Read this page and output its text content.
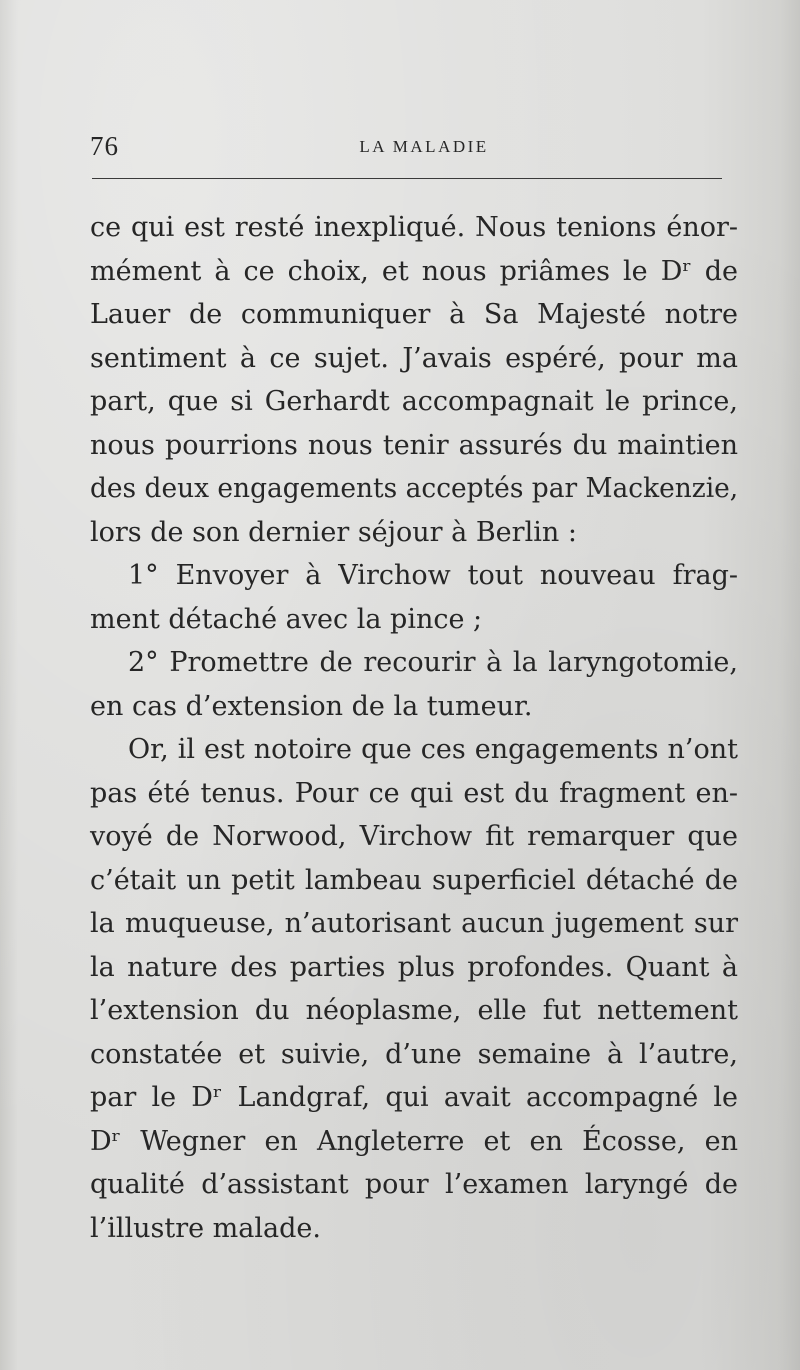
76	LA MALADIE
ce qui est resté inexpliqué. Nous tenions énor-
mément à ce choix, et nous priâmes le Dʳ de
Lauer de communiquer à Sa Majesté notre
sentiment à ce sujet. J’avais espéré, pour ma
part, que si Gerhardt accompagnait le prince,
nous pourrions nous tenir assurés du maintien
des deux engagements acceptés par Mackenzie,
lors de son dernier séjour à Berlin :
1° Envoyer à Virchow tout nouveau frag-
ment détaché avec la pince ;
2° Promettre de recourir à la laryngotomie,
en cas d’extension de la tumeur.
Or, il est notoire que ces engagements n’ont
pas été tenus. Pour ce qui est du fragment en-
voyé de Norwood, Virchow fit remarquer que
c’était un petit lambeau superficiel détaché de
la muqueuse, n’autorisant aucun jugement sur
la nature des parties plus profondes. Quant à
l’extension du néoplasme, elle fut nettement
constatée et suivie, d’une semaine à l’autre,
par le Dʳ Landgraf, qui avait accompagné le
Dʳ Wegner en Angleterre et en Écosse, en
qualité d’assistant pour l’examen laryngé de
l’illustre malade.
